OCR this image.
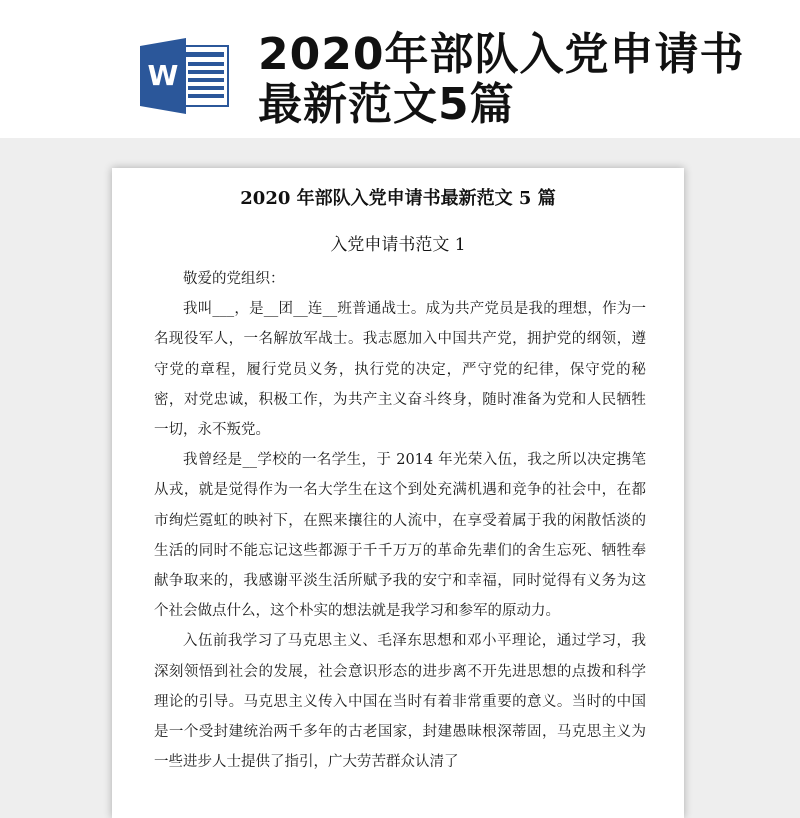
W 2020年部队入党申请书最新范文5篇
2020 年部队入党申请书最新范文 5 篇
入党申请书范文 1

敬爱的党组织：

我叫___，是__团__连__班普通战士。成为共产党员是我的理想，作为一名现役军人，一名解放军战士。我志愿加入中国共产党，拥护党的纲领，遵守党的章程，履行党员义务，执行党的决定，严守党的纪律，保守党的秘密，对党忠诚，积极工作，为共产主义奋斗终身，随时准备为党和人民牺牲一切，永不叛党。

我曾经是__学校的一名学生，于 2014 年光荣入伍，我之所以决定携笔从戎，就是觉得作为一名大学生在这个到处充满机遇和竞争的社会中，在都市绚烂霓虹的映衬下，在熙来攘往的人流中，在享受着属于我的闲散恬淡的生活的同时不能忘记这些都源于千千万万的革命先辈们的舍生忘死、牺牲奉献争取来的，我感谢平淡生活所赋予我的安宁和幸福，同时觉得有义务为这个社会做点什么，这个朴实的想法就是我学习和参军的原动力。

入伍前我学习了马克思主义、毛泽东思想和邓小平理论，通过学习，我深刻领悟到社会的发展，社会意识形态的进步离不开先进思想的点拨和科学理论的引导。马克思主义传入中国在当时有着非常重要的意义。当时的中国是一个受封建统治两千多年的古老国家，封建愚昧根深蒂固，马克思主义为一些进步人士提供了指引，广大劳苦群众认清了
